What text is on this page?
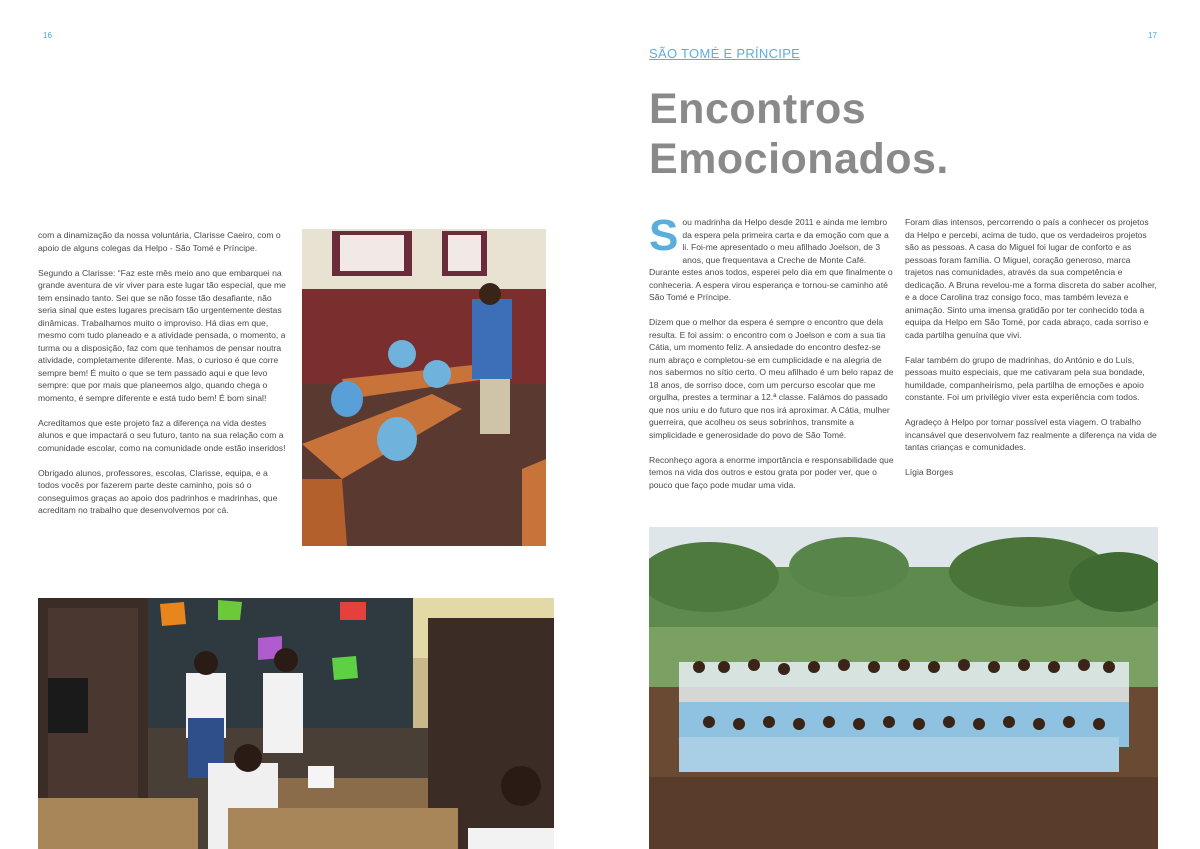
16

com a dinamização da nossa voluntária, Clarisse Caeiro, com o apoio de alguns colegas da Helpo - São Tomé e Príncipe.

Segundo a Clarisse: “Faz este mês meio ano que embarquei na grande aventura de vir viver para este lugar tão especial, que me tem ensinado tanto. Sei que se não fosse tão desafiante, não seria sinal que estes lugares precisam tão urgentemente destas dinâmicas. Trabalhamos muito o improviso. Há dias em que, mesmo com tudo planeado e a atividade pensada, o momento, a turma ou a disposição, faz com que tenhamos de pensar noutra atividade, completamente diferente. Mas, o curioso é que corre sempre bem! É muito o que se tem passado aqui e que levo sempre: que por mais que planeemos algo, quando chega o momento, é sempre diferente e está tudo bem! É bom sinal!

Acreditamos que este projeto faz a diferença na vida destes alunos e que impactará o seu futuro, tanto na sua relação com a comunidade escolar, como na comunidade onde estão inseridos!

Obrigado alunos, professores, escolas, Clarisse, equipa, e a todos vocês por fazerem parte deste caminho, pois só o conseguimos graças ao apoio dos padrinhos e madrinhas, que acreditam no trabalho que desenvolvemos por cá.

17
SÃO TOMÉ E PRÍNCIPE
Encontros
Emocionados.

Sou madrinha da Helpo desde 2011 e ainda me lembro da espera pela primeira carta e da emoção com que a li. Foi-me apresentado o meu afilhado Joelson, de 3 anos, que frequentava a Creche de Monte Café. Durante estes anos todos, esperei pelo dia em que finalmente o conheceria. A espera virou esperança e tornou-se caminho até São Tomé e Príncipe.

Dizem que o melhor da espera é sempre o encontro que dela resulta. E foi assim: o encontro com o Joelson e com a sua tia Cátia, um momento feliz. A ansiedade do encontro desfez-se num abraço e completou-se em cumplicidade e na alegria de nos sabermos no sítio certo. O meu afilhado é um belo rapaz de 18 anos, de sorriso doce, com um percurso escolar que me orgulha, prestes a terminar a 12.ª classe. Falámos do passado que nos uniu e do futuro que nos irá aproximar. A Cátia, mulher guerreira, que acolheu os seus sobrinhos, transmite a simplicidade e generosidade do povo de São Tomé.

Reconheço agora a enorme importância e responsabilidade que temos na vida dos outros e estou grata por poder ver, que o pouco que faço pode mudar uma vida.

Foram dias intensos, percorrendo o país a conhecer os projetos da Helpo e percebi, acima de tudo, que os verdadeiros projetos são as pessoas. A casa do Miguel foi lugar de conforto e as pessoas foram família. O Miguel, coração generoso, marca trajetos nas comunidades, através da sua competência e dedicação. A Bruna revelou-me a forma discreta do saber acolher, e a doce Carolina traz consigo foco, mas também leveza e animação. Sinto uma imensa gratidão por ter conhecido toda a equipa da Helpo em São Tomé, por cada abraço, cada sorriso e cada partilha genuína que vivi.

Falar também do grupo de madrinhas, do António e do Luís, pessoas muito especiais, que me cativaram pela sua bondade, humildade, companheirismo, pela partilha de emoções e apoio constante. Foi um privilégio viver esta experiência com todos.

Agradeço à Helpo por tornar possível esta viagem. O trabalho incansável que desenvolvem faz realmente a diferença na vida de tantas crianças e comunidades.

Lígia Borges
